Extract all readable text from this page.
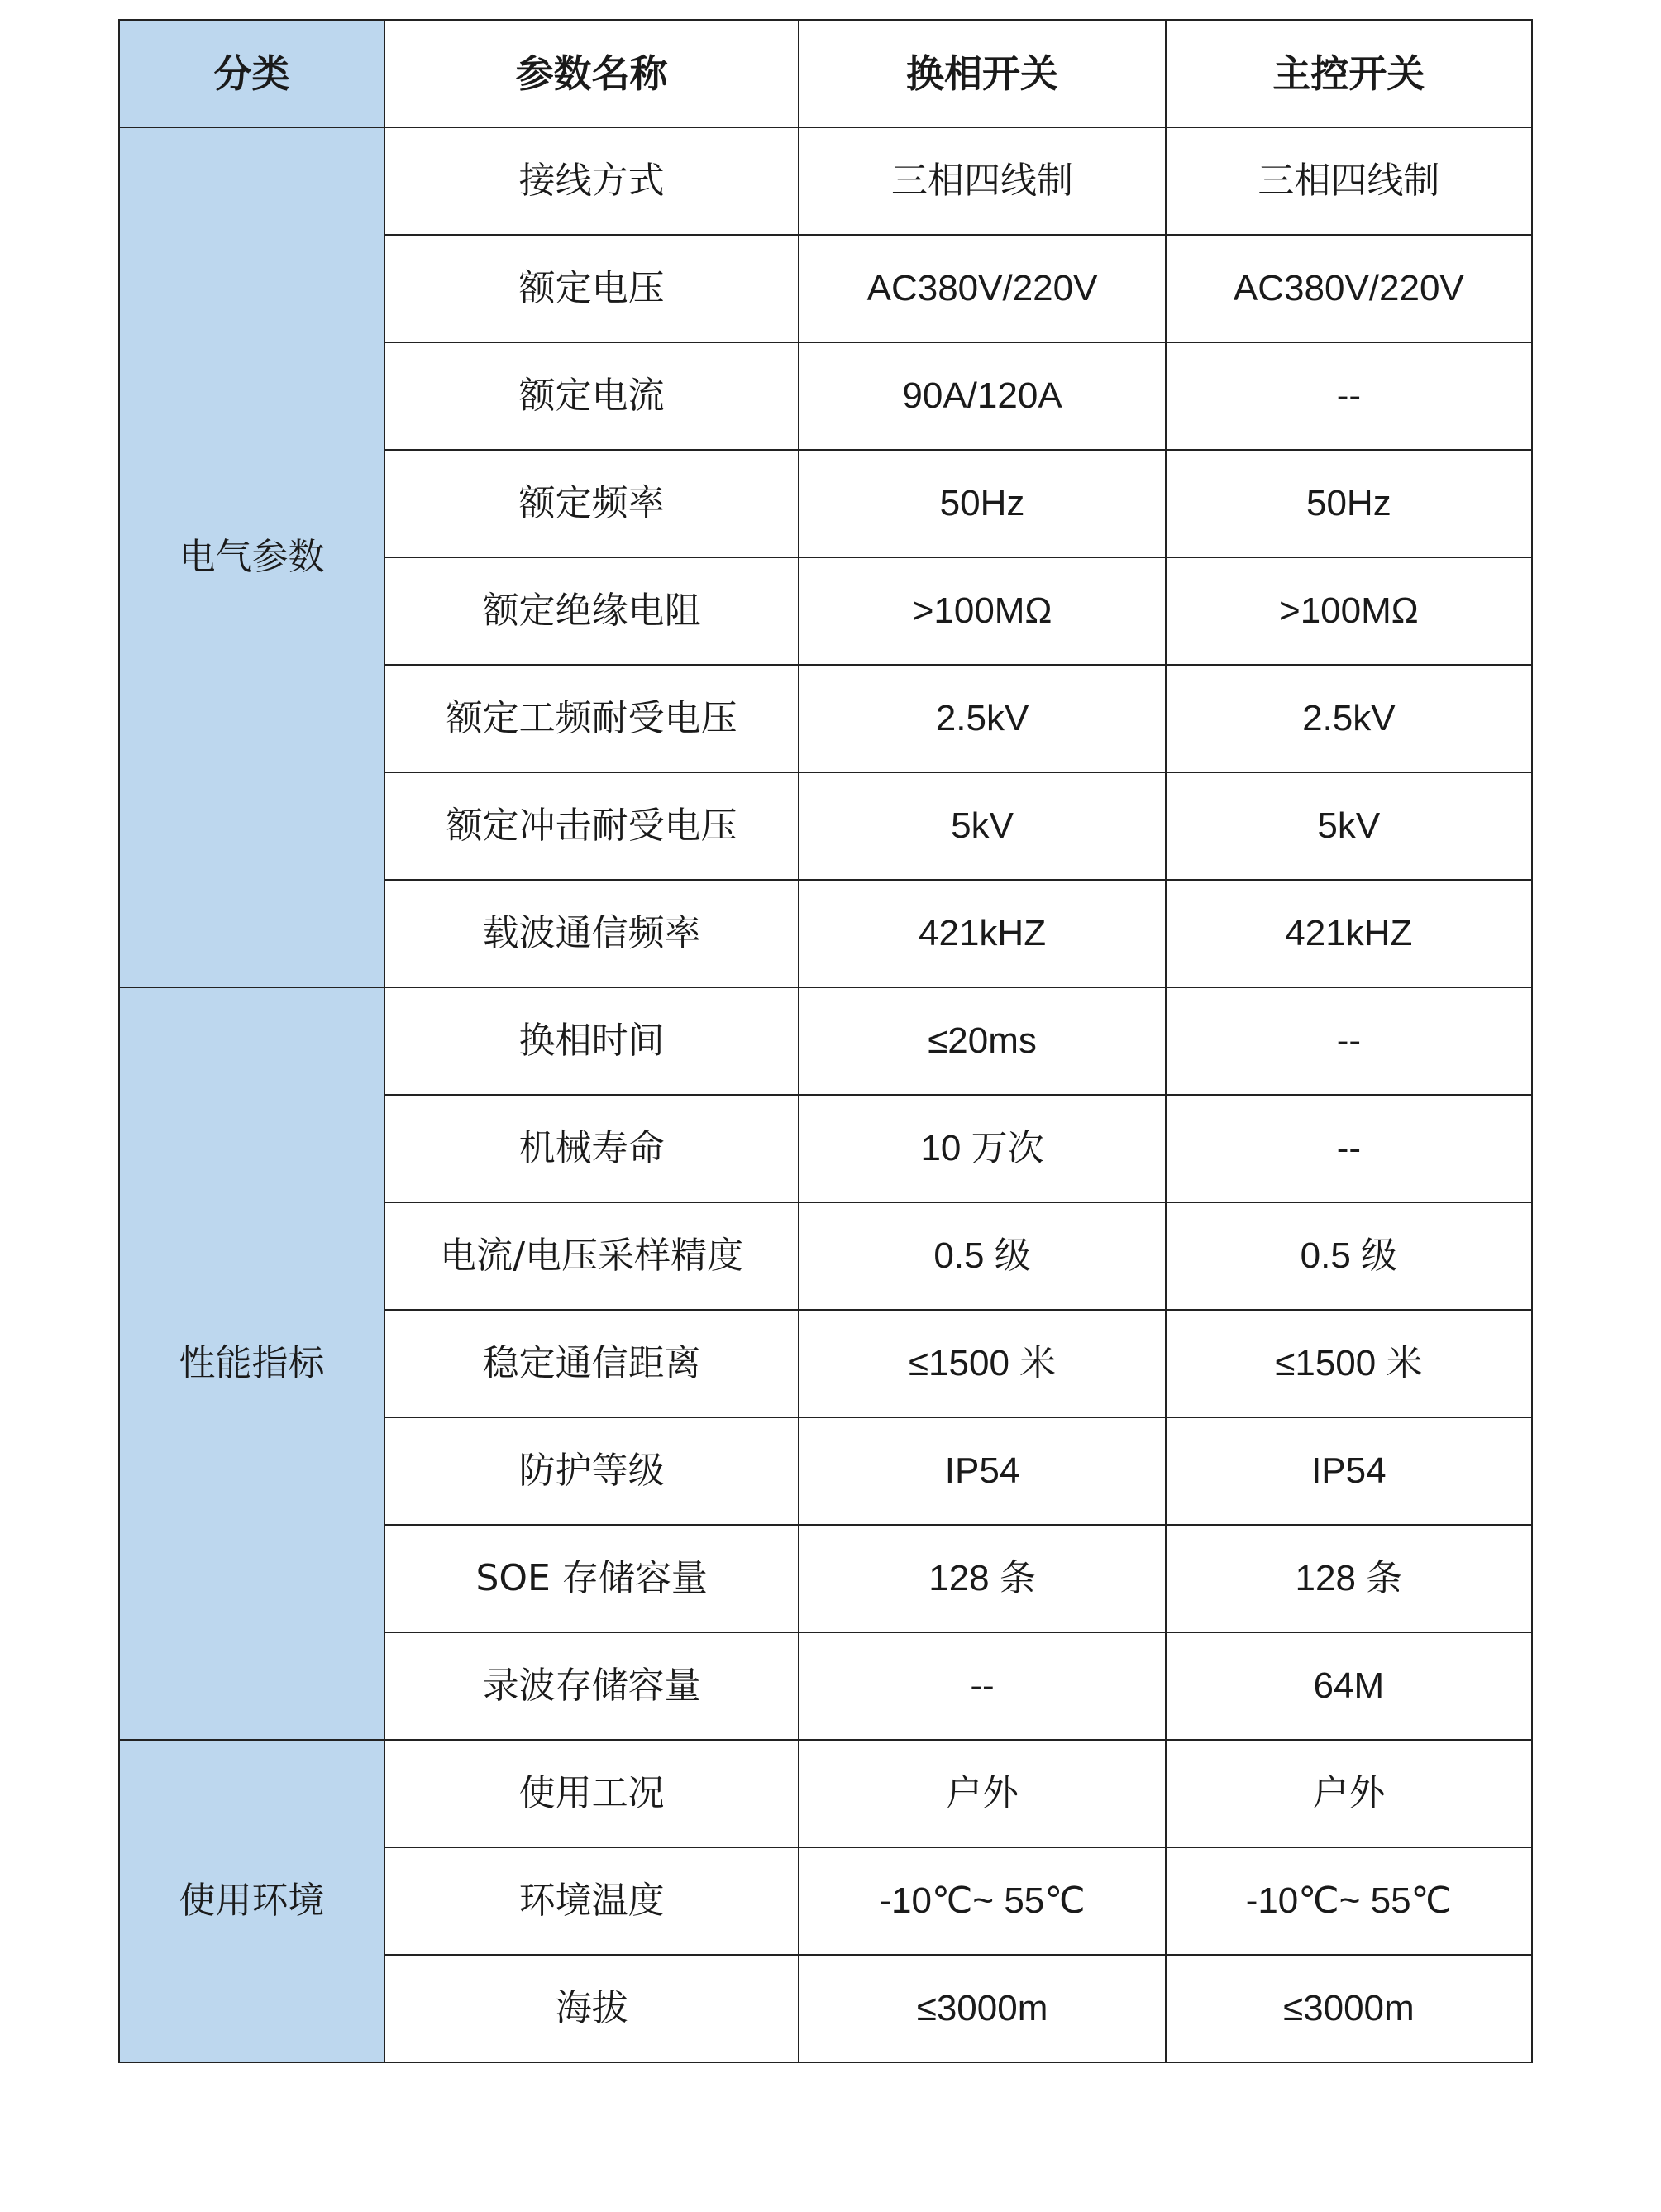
分类	参数名称	换相开关	主控开关
电气参数	接线方式	三相四线制	三相四线制
	额定电压	AC380V/220V	AC380V/220V
	额定电流	90A/120A	--
	额定频率	50Hz	50Hz
	额定绝缘电阻	>100MΩ	>100MΩ
	额定工频耐受电压	2.5kV	2.5kV
	额定冲击耐受电压	5kV	5kV
	载波通信频率	421kHZ	421kHZ
性能指标	换相时间	≤20ms	--
	机械寿命	10 万次	--
	电流/电压采样精度	0.5 级	0.5 级
	稳定通信距离	≤1500 米	≤1500 米
	防护等级	IP54	IP54
	SOE 存储容量	128 条	128 条
	录波存储容量	--	64M
使用环境	使用工况	户外	户外
	环境温度	-10℃~ 55℃	-10℃~ 55℃
	海拔	≤3000m	≤3000m
